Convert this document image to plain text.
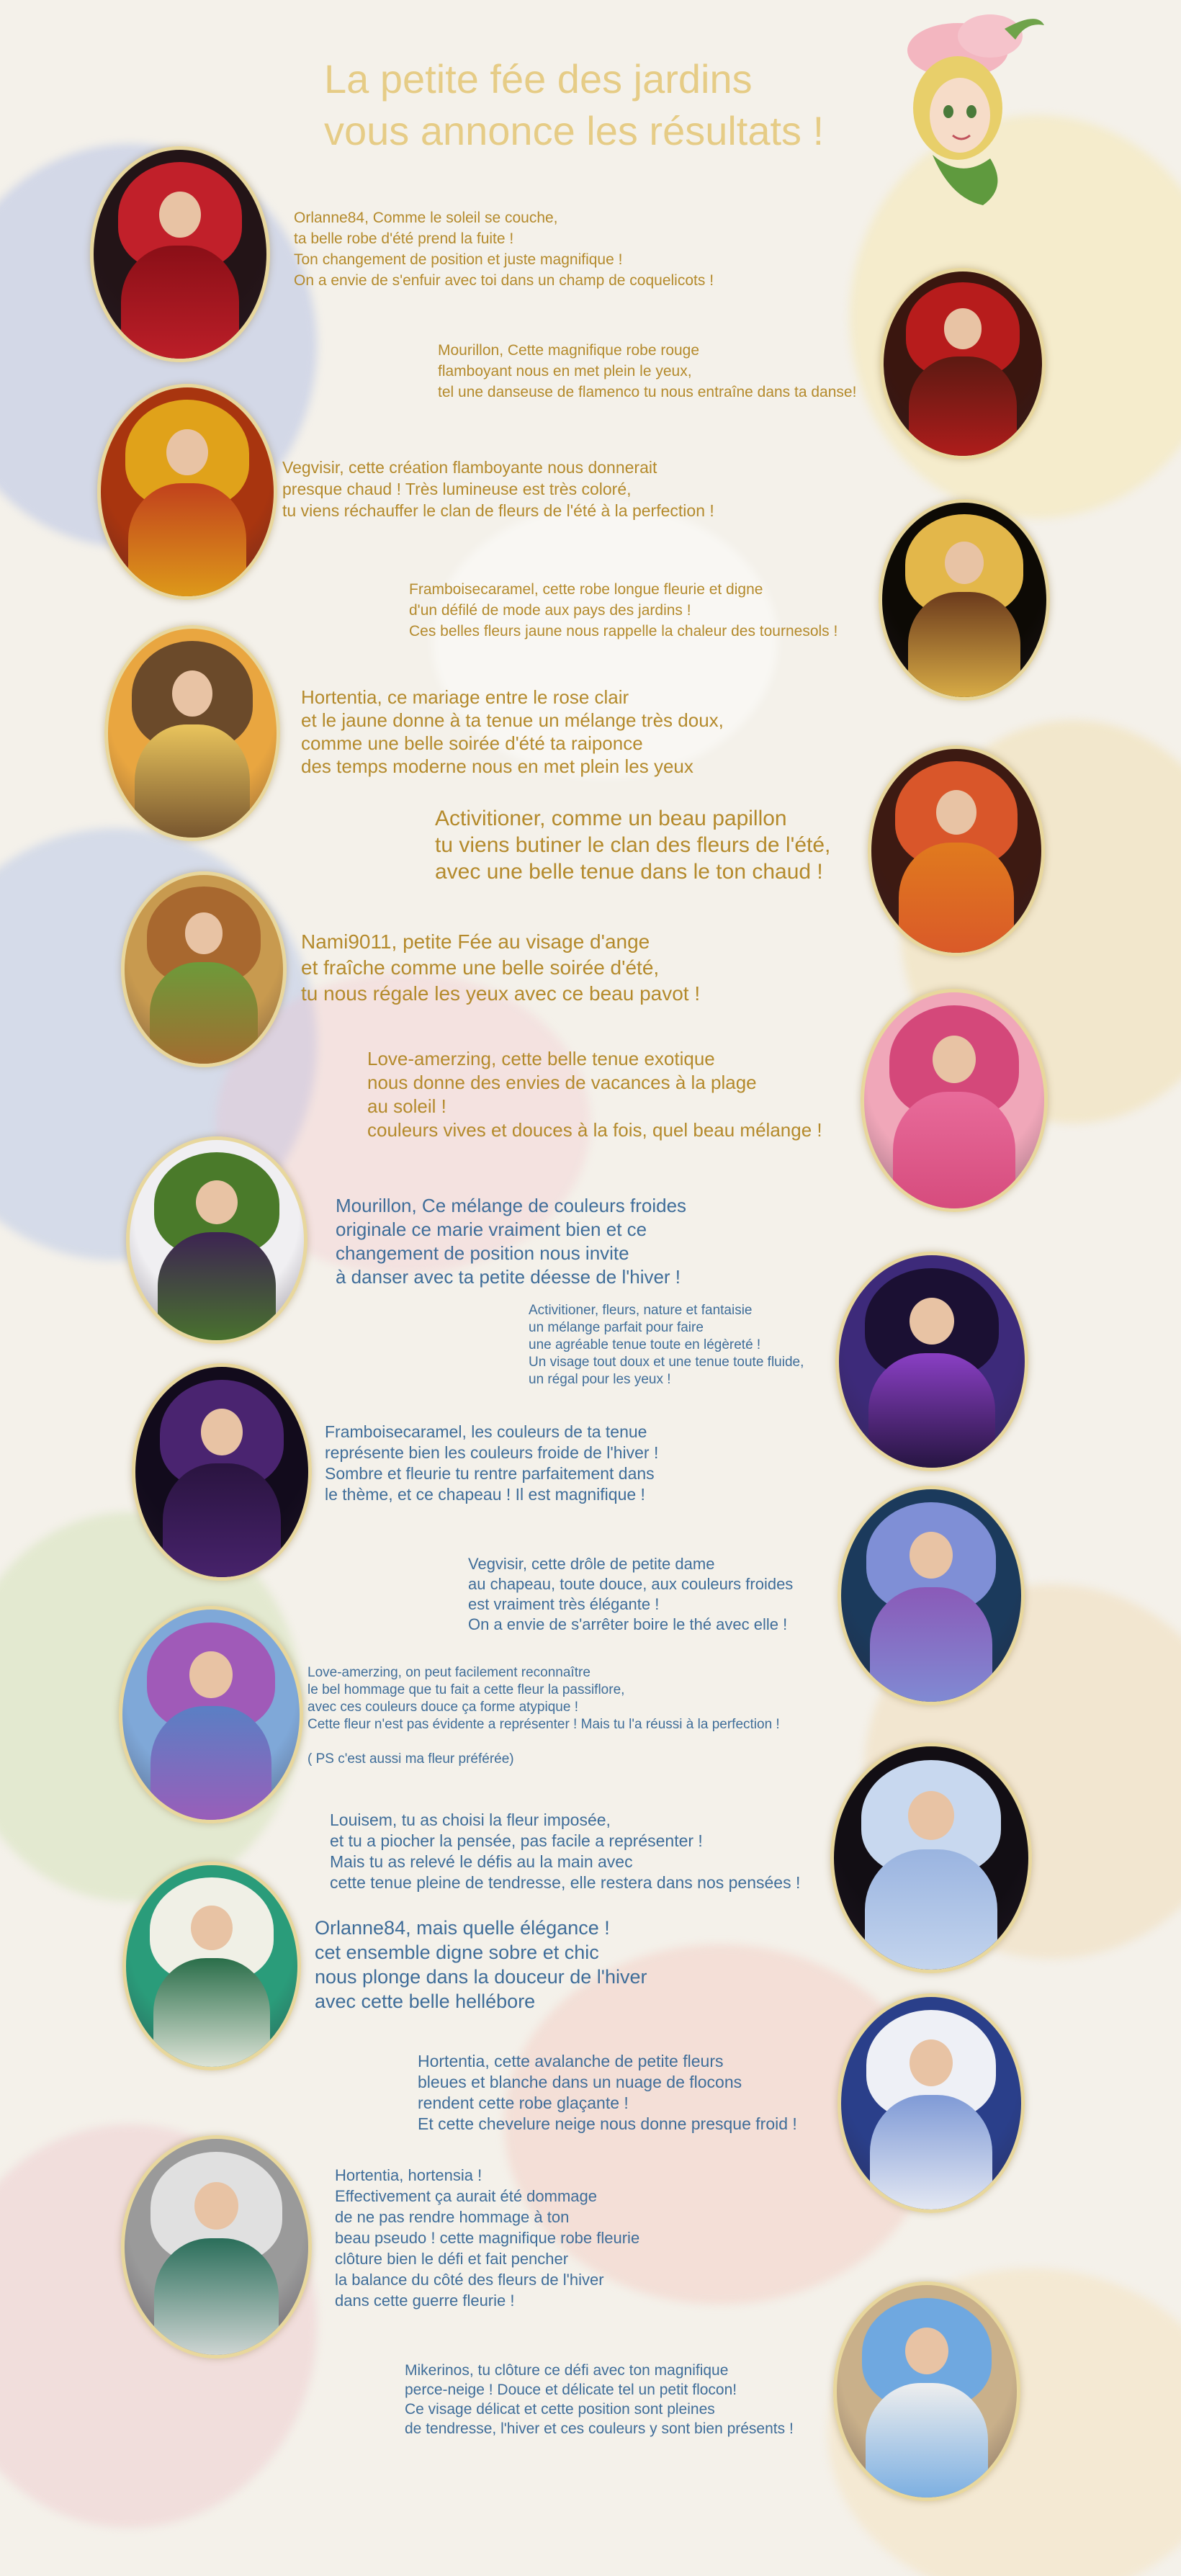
La petite fée des jardins
vous annonce les résultats !

Orlanne84, Comme le soleil se couche,
ta belle robe d'été prend la fuite !
Ton changement de position et juste magnifique !
On a envie de s'enfuir avec toi dans un champ de coquelicots !

Mourillon, Cette magnifique robe rouge
flamboyant nous en met plein le yeux,
tel une danseuse de flamenco tu nous entraîne dans ta danse!

Vegvisir, cette création flamboyante nous donnerait
presque chaud ! Très lumineuse est très coloré,
tu viens réchauffer le clan de fleurs de l'été à la perfection !

Framboisecaramel, cette robe longue fleurie et digne
d'un défilé de mode aux pays des jardins !
Ces belles fleurs jaune nous rappelle la chaleur des tournesols !

Hortentia, ce mariage entre le rose clair
et le jaune donne à ta tenue un mélange très doux,
comme une belle soirée d'été ta raiponce
des temps moderne nous en met plein les yeux

Activitioner, comme un beau papillon
tu viens butiner le clan des fleurs de l'été,
avec une belle tenue dans le ton chaud !

Nami9011, petite Fée au visage d'ange
et fraîche comme une belle soirée d'été,
tu nous régale les yeux avec ce beau pavot !

Love-amerzing, cette belle tenue exotique
nous donne des envies de vacances à la plage
au soleil !
couleurs vives et douces à la fois, quel beau mélange !

Mourillon, Ce mélange de couleurs froides
originale ce marie vraiment bien et ce
changement de position nous invite
à danser avec ta petite déesse de l'hiver !

Activitioner, fleurs, nature et fantaisie
un mélange parfait pour faire
une agréable tenue toute en légèreté !
Un visage tout doux et une tenue toute fluide,
un régal pour les yeux !

Framboisecaramel, les couleurs de ta tenue
représente bien les couleurs froide de l'hiver !
Sombre et fleurie tu rentre parfaitement dans
le thème, et ce chapeau ! Il est magnifique !

Vegvisir, cette drôle de petite dame
au chapeau, toute douce, aux couleurs froides
est vraiment très élégante !
On a envie de s'arrêter boire le thé avec elle !

Love-amerzing, on peut facilement reconnaître
le bel hommage que tu fait a cette fleur la passiflore,
avec ces couleurs douce ça forme atypique !
Cette fleur n'est pas évidente a représenter ! Mais tu l'a réussi à la perfection !

( PS c'est aussi ma fleur préférée)

Louisem, tu as choisi la fleur imposée,
et tu a piocher la pensée, pas facile a représenter !
Mais tu as relevé le défis au la main avec
cette tenue pleine de tendresse, elle restera dans nos pensées !

Orlanne84, mais quelle élégance !
cet ensemble digne sobre et chic
nous plonge dans la douceur de l'hiver
avec cette belle hellébore

Hortentia, cette avalanche de petite fleurs
bleues et blanche dans un nuage de flocons
rendent cette robe glaçante !
Et cette chevelure neige nous donne presque froid !

Hortentia, hortensia !
Effectivement ça aurait été dommage
de ne pas rendre hommage à ton
beau pseudo ! cette magnifique robe fleurie
clôture bien le défi et fait pencher
la balance du côté des fleurs de l'hiver
dans cette guerre fleurie !

Mikerinos, tu clôture ce défi avec ton magnifique
perce-neige ! Douce et délicate tel un petit flocon!
Ce visage délicat et cette position sont pleines
de tendresse, l'hiver et ces couleurs y sont bien présents !
